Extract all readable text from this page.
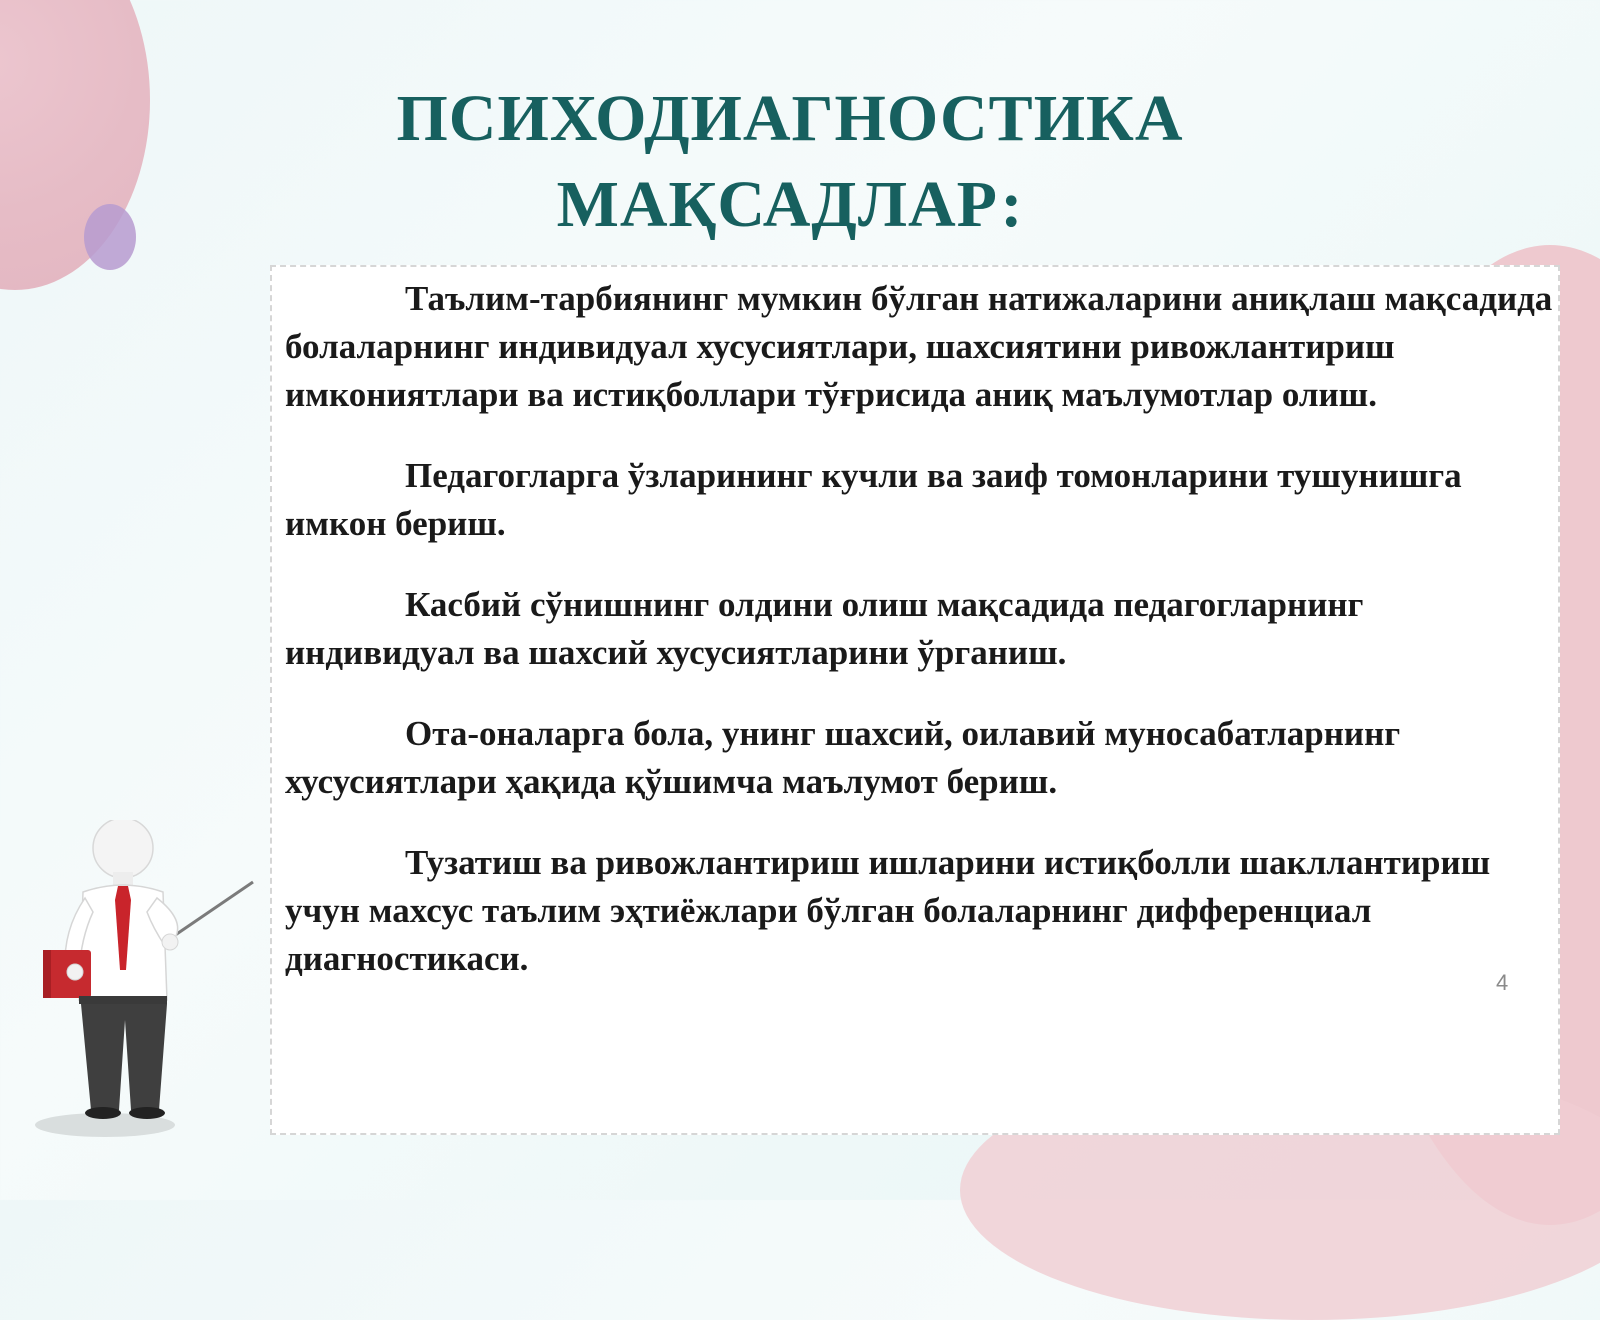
ПСИХОДИАГНОСТИКА
МАҚСАДЛАР:

Таълим-тарбиянинг мумкин бўлган натижаларини аниқлаш мақсадида болаларнинг индивидуал хусусиятлари, шахсиятини ривожлантириш имкониятлари ва истиқболлари тўғрисида аниқ маълумотлар олиш.

Педагогларга ўзларининг кучли ва заиф томонларини тушунишга имкон бериш.

Касбий сўнишнинг олдини олиш мақсадида педагогларнинг индивидуал ва шахсий хусусиятларини ўрганиш.

Ота-оналарга бола, унинг шахсий, оилавий муносабатларнинг хусусиятлари ҳақида қўшимча маълумот бериш.

Тузатиш ва ривожлантириш ишларини истиқболли шакллантириш учун махсус таълим эҳтиёжлари бўлган болаларнинг дифференциал диагностикаси.

4
